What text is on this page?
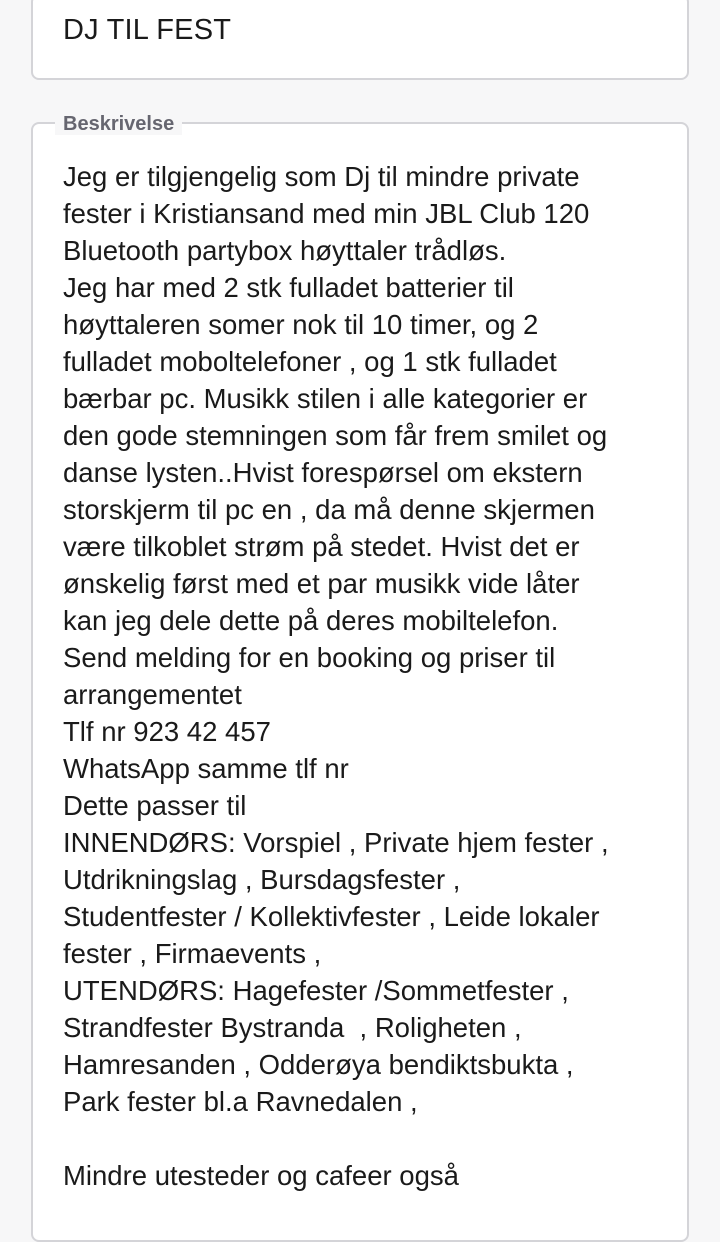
DJ TIL FEST
Beskrivelse

Jeg er tilgjengelig som Dj til mindre private
fester i Kristiansand med min JBL Club 120
Bluetooth partybox høyttaler trådløs.
Jeg har med 2 stk fulladet batterier til
høyttaleren somer nok til 10 timer, og 2
fulladet moboltelefoner , og 1 stk fulladet
bærbar pc. Musikk stilen i alle kategorier er
den gode stemningen som får frem smilet og
danse lysten..Hvist forespørsel om ekstern
storskjerm til pc en , da må denne skjermen
være tilkoblet strøm på stedet. Hvist det er
ønskelig først med et par musikk vide låter
kan jeg dele dette på deres mobiltelefon.
Send melding for en booking og priser til
arrangementet
Tlf nr 923 42 457
WhatsApp samme tlf nr
Dette passer til
INNENDØRS: Vorspiel , Private hjem fester ,
Utdrikningslag , Bursdagsfester ,
Studentfester / Kollektivfester , Leide lokaler
fester , Firmaevents ,
UTENDØRS: Hagefester /Sommetfester ,
Strandfester Bystranda  , Roligheten ,
Hamresanden , Odderøya bendiktsbukta ,
Park fester bl.a Ravnedalen ,

Mindre utesteder og cafeer også
